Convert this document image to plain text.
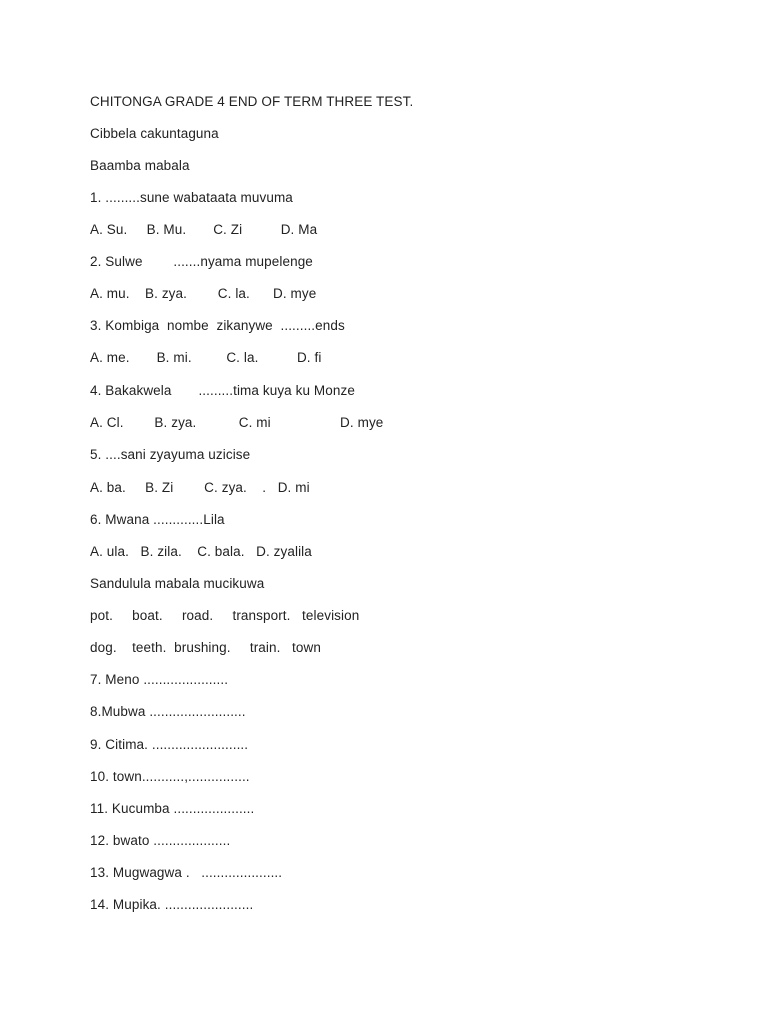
CHITONGA GRADE 4 END OF TERM THREE TEST.
Cibbela cakuntaguna
Baamba mabala
1. .........sune wabataata muvuma
A. Su.     B. Mu.       C. Zi          D. Ma
2. Sulwe        .......nyama mupelenge
A. mu.    B. zya.        C. la.      D. mye
3. Kombiga  nombe  zikanywe  .........ends
A. me.       B. mi.         C. la.          D. fi
4. Bakakwela       .........tima kuya ku Monze
A. Cl.        B. zya.           C. mi                  D. mye
5. ....sani zyayuma uzicise
A. ba.     B. Zi        C. zya.    .   D. mi
6. Mwana .............Lila
A. ula.   B. zila.    C. bala.   D. zyalila
Sandulula mabala mucikuwa
pot.     boat.     road.     transport.   television
dog.    teeth.  brushing.     train.   town
7. Meno ......................
8.Mubwa .........................
9. Citima. .........................
10. town...........,................
11. Kucumba .....................
12. bwato ....................
13. Mugwagwa .   .....................
14. Mupika. .......................
